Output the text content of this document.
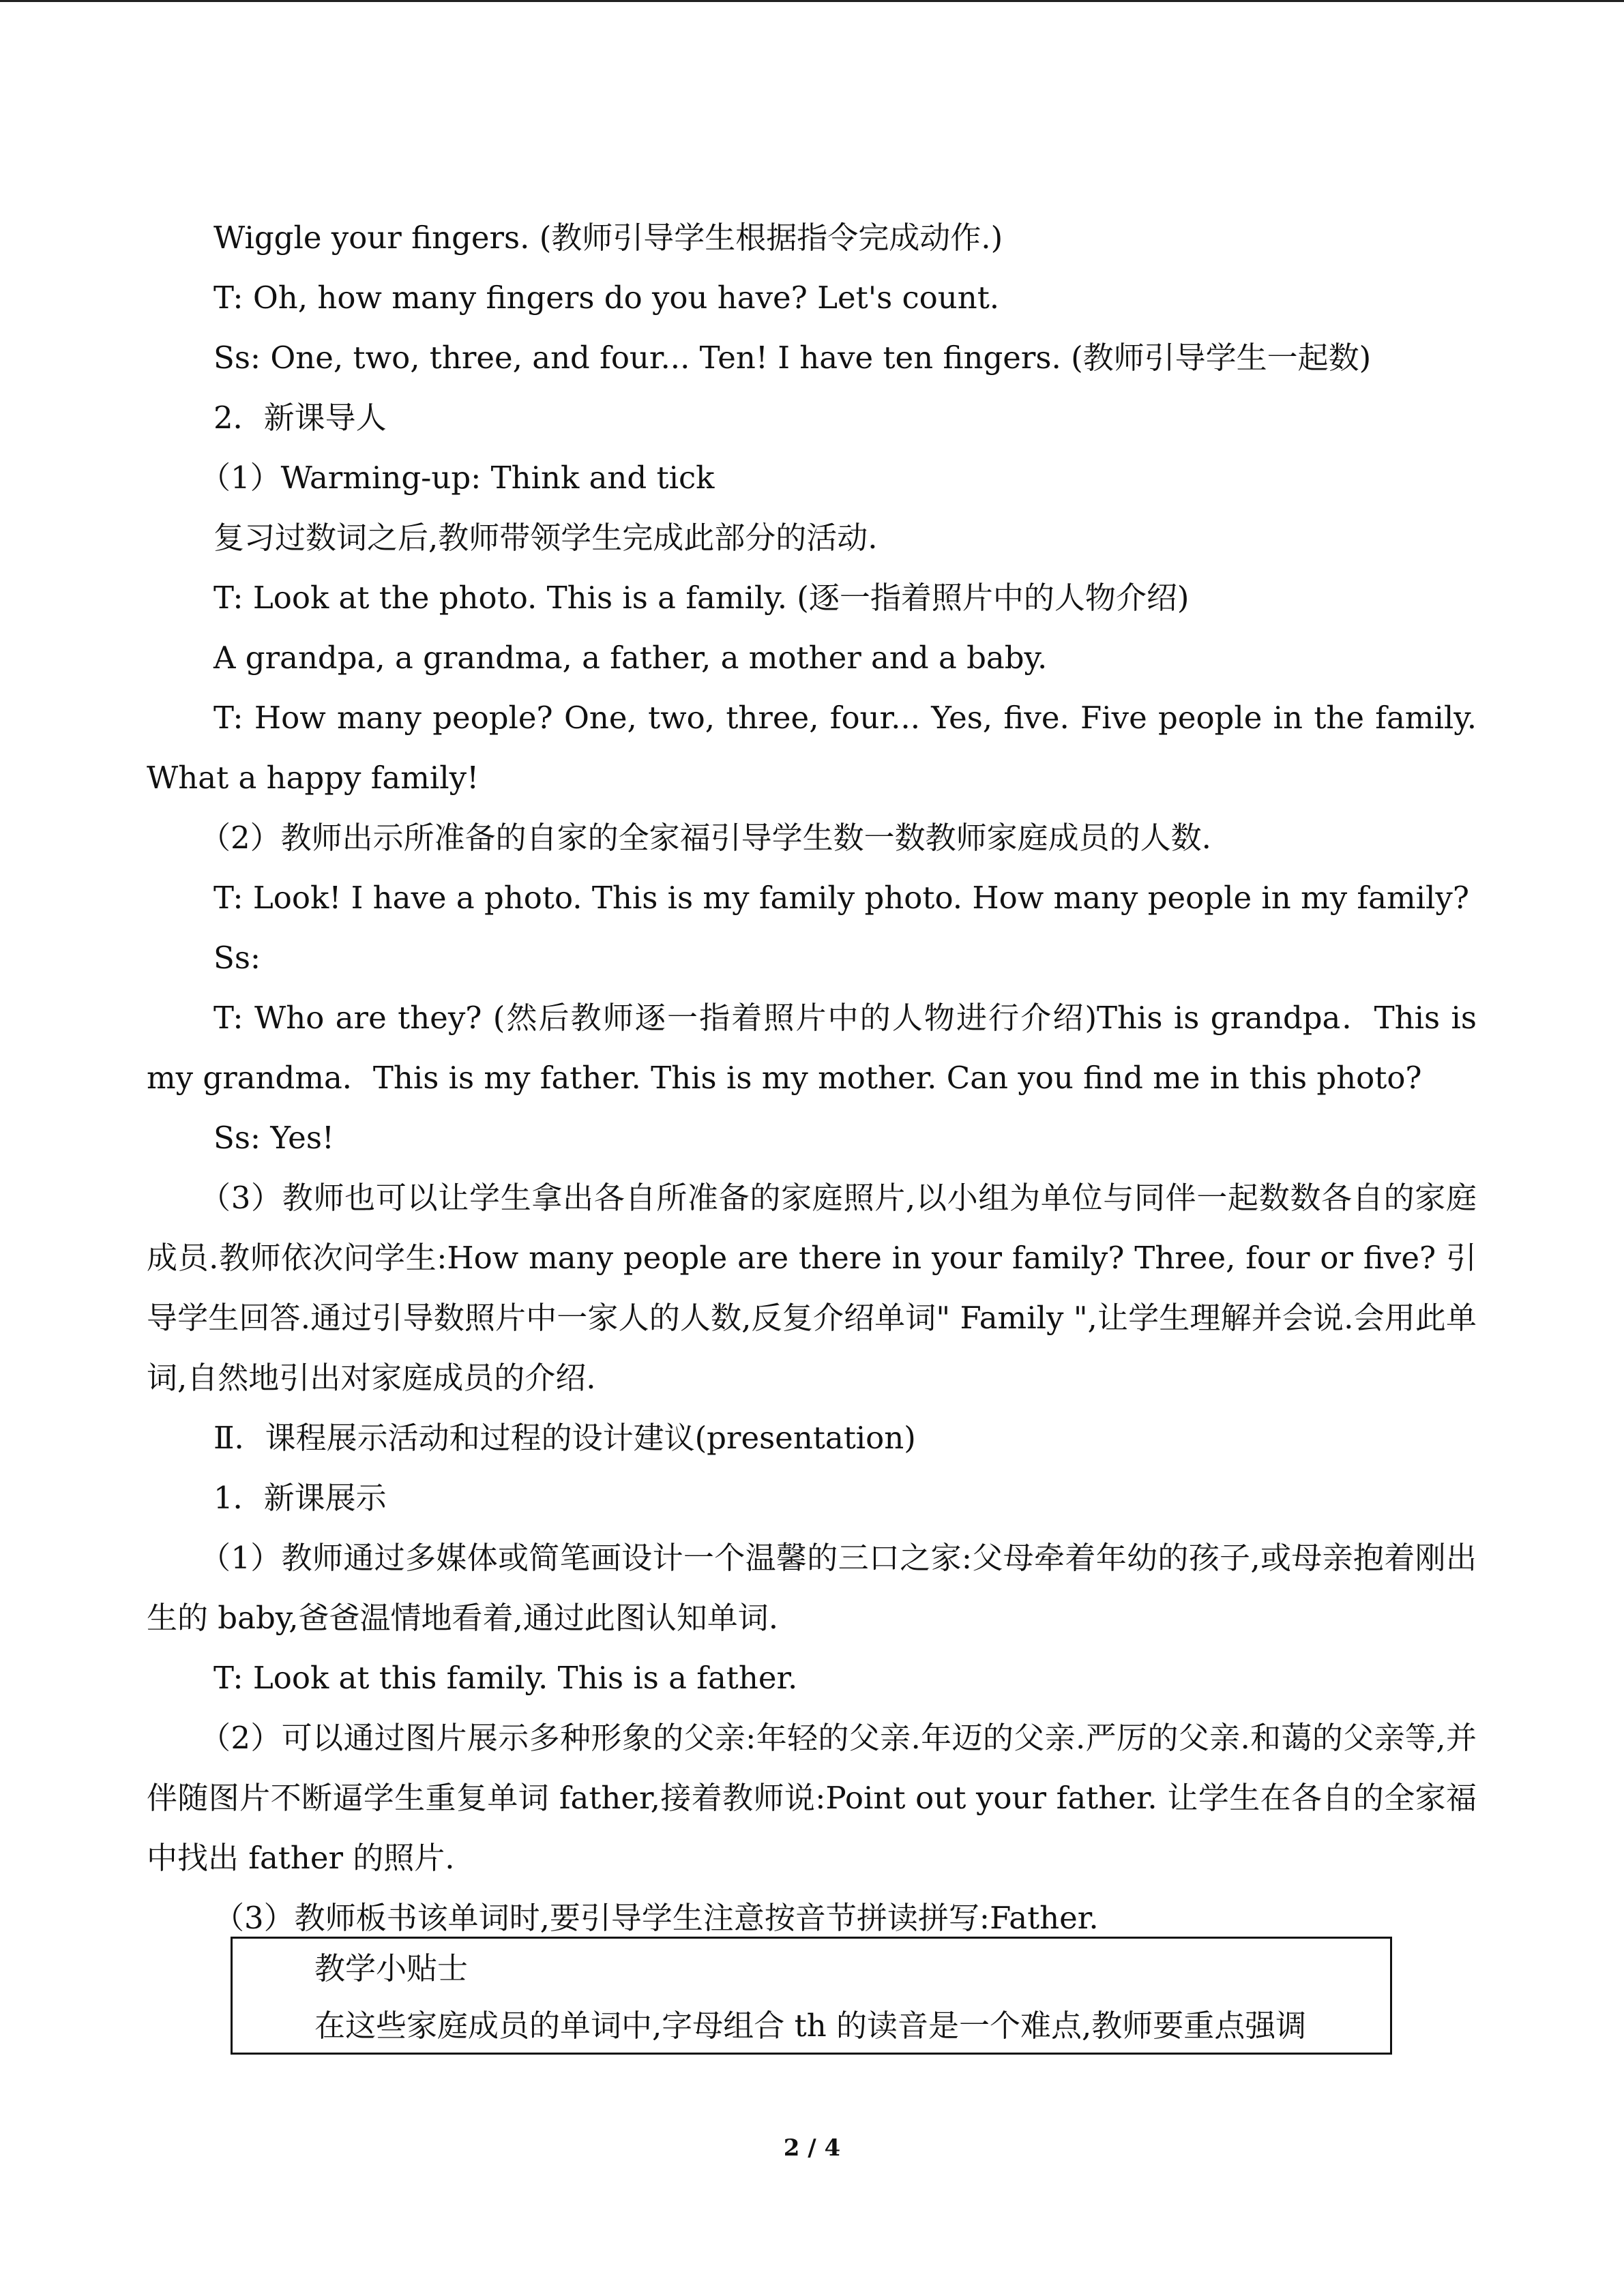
Wiggle your fingers. (教师引导学生根据指令完成动作.)

T: Oh, how many fingers do you have? Let's count.

Ss: One, two, three, and four... Ten! I have ten fingers. (教师引导学生一起数)

2．新课导人

（1）Warming-up: Think and tick

复习过数词之后,教师带领学生完成此部分的活动.

T: Look at the photo. This is a family. (逐一指着照片中的人物介绍)

A grandpa, a grandma, a father, a mother and a baby.

T: How many people? One, two, three, four... Yes, five. Five people in the family. What a happy family!

（2）教师出示所准备的自家的全家福引导学生数一数教师家庭成员的人数.

T: Look! I have a photo. This is my family photo. How many people in my family?

Ss:

T: Who are they? (然后教师逐一指着照片中的人物进行介绍)This is grandpa．This is my grandma．This is my father. This is my mother. Can you find me in this photo?

Ss: Yes!

（3）教师也可以让学生拿出各自所准备的家庭照片,以小组为单位与同伴一起数数各自的家庭成员.教师依次问学生:How many people are there in your family? Three, four or five? 引导学生回答.通过引导数照片中一家人的人数,反复介绍单词" Family ",让学生理解并会说.会用此单词,自然地引出对家庭成员的介绍.

Ⅱ．课程展示活动和过程的设计建议(presentation)

1．新课展示

（1）教师通过多媒体或简笔画设计一个温馨的三口之家:父母牵着年幼的孩子,或母亲抱着刚出生的 baby,爸爸温情地看着,通过此图认知单词.

T: Look at this family. This is a father.

（2）可以通过图片展示多种形象的父亲:年轻的父亲.年迈的父亲.严厉的父亲.和蔼的父亲等,并伴随图片不断逼学生重复单词 father,接着教师说:Point out your father. 让学生在各自的全家福中找出 father 的照片.

（3）教师板书该单词时,要引导学生注意按音节拼读拼写:Father.

教学小贴士

在这些家庭成员的单词中,字母组合 th 的读音是一个难点,教师要重点强调

2 / 4
